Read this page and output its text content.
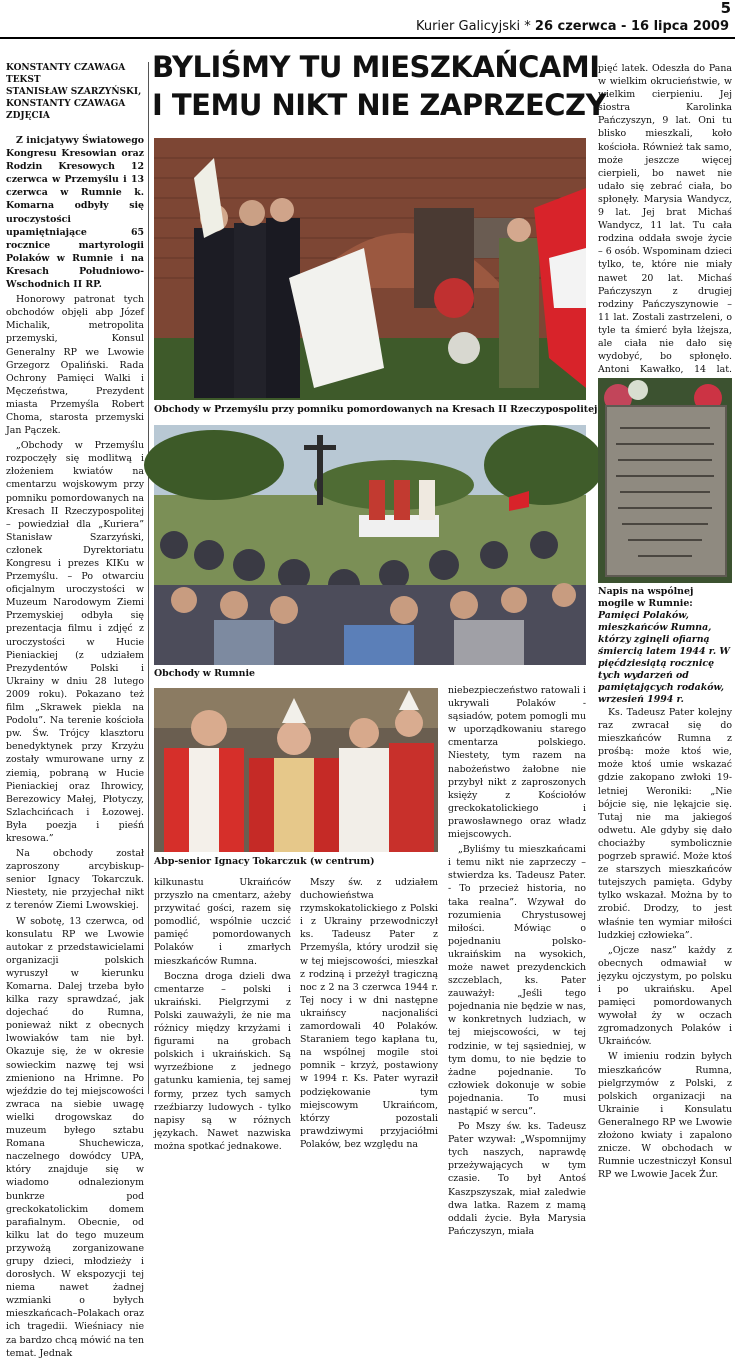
5
Kurier Galicyjski * 26 czerwca - 16 lipca 2009
BYLIŚMY TU MIESZKAŃCAMI
I TEMU NIKT NIE ZAPRZECZY
KONSTANTY CZAWAGA
TEKST
STANISŁAW SZARZYŃSKI,
KONSTANTY CZAWAGA
ZDJĘCIA

Z inicjatywy Światowego Kongresu Kresowian oraz Rodzin Kresowych 12 czerwca w Przemyślu i 13 czerwca w Rumnie k. Komarna odbyły się uroczystości upamiętniające 65 rocznice martyrologii Polaków w Rumnie i na Kresach Południowo-Wschodnich II RP.

Honorowy patronat tych obchodów objęli abp Józef Michalik, metropolita przemyski, Konsul Generalny RP we Lwowie Grzegorz Opaliński. Rada Ochrony Pamięci Walki i Męczeństwa, Prezydent miasta Przemyśla Robert Choma, starosta przemyski Jan Pączek.

„Obchody w Przemyślu rozpoczęły się modlitwą i złożeniem kwiatów na cmentarzu wojskowym przy pomniku pomordowanych na Kresach II Rzeczypospolitej – powiedział dla „Kuriera” Stanisław Szarzyński, członek Dyrektoriatu Kongresu i prezes KIKu w Przemyślu. – Po otwarciu oficjalnym uroczystości w Muzeum Narodowym Ziemi Przemyskiej odbyła się prezentacja filmu i zdjęć z uroczystości w Hucie Pieniackiej (z udziałem Prezydentów Polski i Ukrainy w dniu 28 lutego 2009 roku). Pokazano też film „Skrawek pieklа na Podolu”. Na terenie kościoła pw. Św. Trójcy klasztoru benedyktynek przy Krzyżu zostały wmurowane urny z ziemią, pobraną w Hucie Pieniackiej oraz Ihrowicy, Berezowicy Małej, Płotyczy, Szlachcińcach i Łozowej. Była poezja i pieśń kresowa.”

Na obchody został zaproszony arcybiskup-senior Ignacy Tokarczuk. Niestety, nie przyjechał nikt z terenów Ziemi Lwowskiej.

W sobotę, 13 czerwca, od konsulatu RP we Lwowie autokar z przedstawicielami organizacji polskich wyruszył w kierunku Komarna. Dalej trzeba było kilka razy sprawdzać, jak dojechać do Rumna, ponieważ nikt z obecnych lwowiaków tam nie był. Okazuje się, że w okresie sowieckim nazwę tej wsi zmieniono na Hrimne. Po wjeździe do tej miejscowości zwraca na siebie uwagę wielki drogowskaz do muzeum byłego sztabu Romana Shuchewicza, naczelnego dowódcy UPA, który znajduje się w wiadomo odnalezionym bunkrze pod greckokatolickim domem parafialnym. Obecnie, od kilku lat do tego muzeum przywożą zorganizowane grupy dzieci, młodzieży i dorosłych. W ekspozycji tej niema nawet żadnej wzmianki o byłych mieszkańcach–Polakach oraz ich tragedii. Wieśniacy nie za bardzo chcą mówić na ten temat. Jednak

Obchody w Przemyślu przy pomniku pomordowanych na Kresach II Rzeczypospolitej
Obchody w Rumnie
Abp-senior Ignacy Tokarczuk (w centrum)

kilkunastu Ukraińców przyszło na cmentarz, ażeby przywitać gości, razem się pomodlić, wspólnie uczcić pamięć pomordowanych Polaków i zmarłych mieszkańców Rumna.

Boczna droga dzieli dwa cmentarze – polski i ukraiński. Pielgrzymi z Polski zauważyli, że nie ma różnicy między krzyżami i figurami na grobach polskich i ukraińskich. Są wyrzeźbione z jednego gatunku kamienia, tej samej formy, przez tych samych rzeźbiarzy ludowych - tylko napisy są w różnych językach. Nawet nazwiska można spotkać jednakowe.

Mszy św. z udziałem duchowieństwa rzymskokatolickiego z Polski i z Ukrainy przewodniczył ks. Tadeusz Pater z Przemyśla, który urodził się w tej miejscowości, mieszkał z rodziną i przeżył tragiczną noc z 2 na 3 czerwca 1944 r. Tej nocy i w dni następne ukraińscy nacjonaliści zamordowali 40 Polaków. Staraniem tego kapłana tu, na wspólnej mogile stoi pomnik – krzyż, postawiony w 1994 r. Ks. Pater wyraził podziękowanie tym miejscowym Ukraińcom, którzy pozostali prawdziwymi przyjaciółmi Polaków, bez względu na

niebezpieczeństwo ratowali i ukrywali Polaków - sąsiadów, potem pomogli mu w uporządkowaniu starego cmentarza polskiego. Niestety, tym razem na nabożeństwo żałobne nie przybył nikt z zaproszonych księży z Kościołów greckokatolickiego i prawosławnego oraz władz miejscowych.

„Byliśmy tu mieszkańcami i temu nikt nie zaprzeczy – stwierdza ks. Tadeusz Pater. - To przecież historia, no taka realna”. Wzywał do rozumienia Chrystusowej miłości. Mówiąc o pojednaniu polsko-ukraińskim na wysokich, może nawet prezydenckich szczeblach, ks. Pater zauważył: „Jeśli tego pojednania nie będzie w nas, w konkretnych ludziach, w tej miejscowości, w tej rodzinie, w tej sąsiedniej, w tym domu, to nie będzie to żadne pojednanie. To człowiek dokonuje w sobie pojednania. To musi nastąpić w sercu”.

Po Mszy św. ks. Tadeusz Pater wzywał: „Wspomnijmy tych naszych, naprawdę przeżywających w tym czasie. To był Antoś Kaszpszyszak, miał zaledwie dwa latka. Razem z mamą oddali życie. Była Marysia Pańczyszyn, miała

pięć latek. Odeszła do Pana w wielkim okrucieństwie, w wielkim cierpieniu. Jej siostra Karolinka Pańczyszyn, 9 lat. Oni tu blisko mieszkali, koło kościoła. Również tak samo, może jeszcze więcej cierpieli, bo nawet nie udało się zebrać ciała, bo spłonęły. Marysia Wandycz, 9 lat. Jej brat Michaś Wandycz, 11 lat. Tu cała rodzina oddała swoje życie – 6 osób. Wspominam dzieci tylko, te, które nie miały nawet 20 lat. Michaś Pańczyszyn z drugiej rodziny Pańczyszynowie – 11 lat. Zostali zastrzeleni, o tyle ta śmierć była lżejsza, ale ciała nie dało się wydobyć, bo spłonęło. Antoni Kawałko, 14 lat.

Napis na wspólnej mogile w Rumnie: Pamięci Polaków, mieszkańców Rumna, którzy zginęli ofiarną śmiercią latem 1944 r. W pięćdziesiątą rocznicę tych wydarzeń od pamiętających rodaków, wrzesień 1994 r.

Ks. Tadeusz Pater kolejny raz zwracał się do mieszkańców Rumna z prośbą: może ktoś wie, może ktoś umie wskazać gdzie zakopano zwłoki 19-letniej Weroniki: „Nie bójcie się, nie lękajcie się. Tutaj nie ma jakiegoś odwetu. Ale gdyby się dało chociażby symbolicznie pogrzeb sprawić. Może ktoś ze starszych mieszkańców tutejszych pamięta. Gdyby tylko wskazał. Można by to zrobić. Drodzy, to jest właśnie ten wymiar miłości ludzkiej człowieka”.

„Ojcze nasz” każdy z obecnych odmawiał w języku ojczystym, po polsku i po ukraińsku. Apel pamięci pomordowanych wywołał ży w oczach zgromadzonych Polaków i Ukraińców.

W imieniu rodzin byłych mieszkańców Rumna, pielgrzymów z Polski, z polskich organizacji na Ukrainie i Konsulatu Generalnego RP we Lwowie złożono kwiaty i zapalono znicze. W obchodach w Rumnie uczestniczył Konsul RP we Lwowie Jacek Żur.
